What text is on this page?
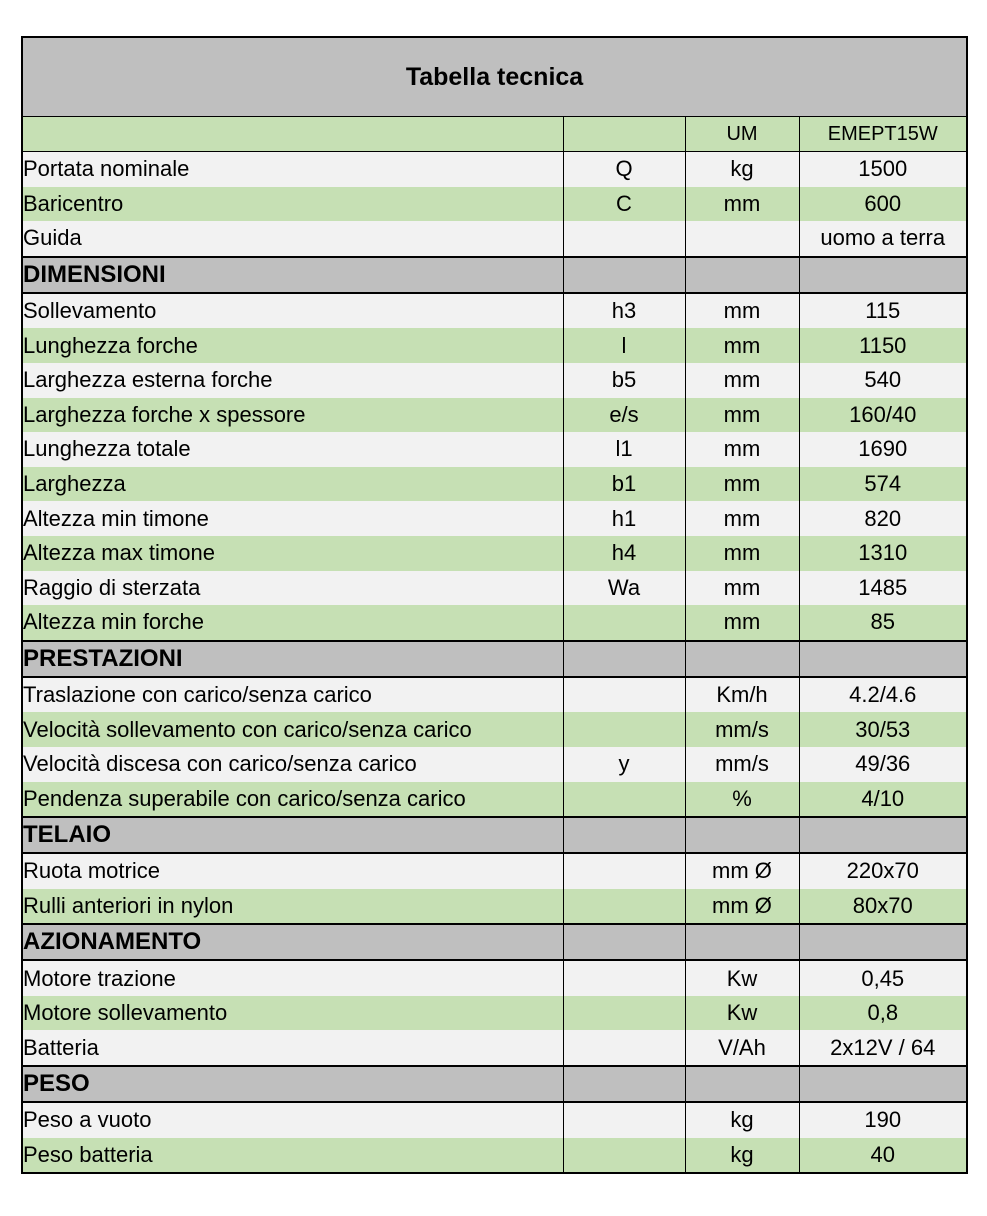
Tabella tecnica			
		UM	EMEPT15W
Portata nominale	Q	kg	1500
Baricentro	C	mm	600
Guida			uomo a terra
DIMENSIONI			
Sollevamento	h3	mm	115
Lunghezza forche	l	mm	1150
Larghezza esterna forche	b5	mm	540
Larghezza forche x spessore	e/s	mm	160/40
Lunghezza totale	l1	mm	1690
Larghezza	b1	mm	574
Altezza min timone	h1	mm	820
Altezza max timone	h4	mm	1310
Raggio di sterzata	Wa	mm	1485
Altezza min forche		mm	85
PRESTAZIONI			
Traslazione con carico/senza carico		Km/h	4.2/4.6
Velocità sollevamento con carico/senza carico		mm/s	30/53
Velocità discesa con carico/senza carico	y	mm/s	49/36
Pendenza superabile con carico/senza carico		%	4/10
TELAIO			
Ruota motrice		mm Ø	220x70
Rulli anteriori in nylon		mm Ø	80x70
AZIONAMENTO			
Motore trazione		Kw	0,45
Motore sollevamento		Kw	0,8
Batteria		V/Ah	2x12V / 64
PESO			
Peso a vuoto		kg	190
Peso batteria		kg	40
